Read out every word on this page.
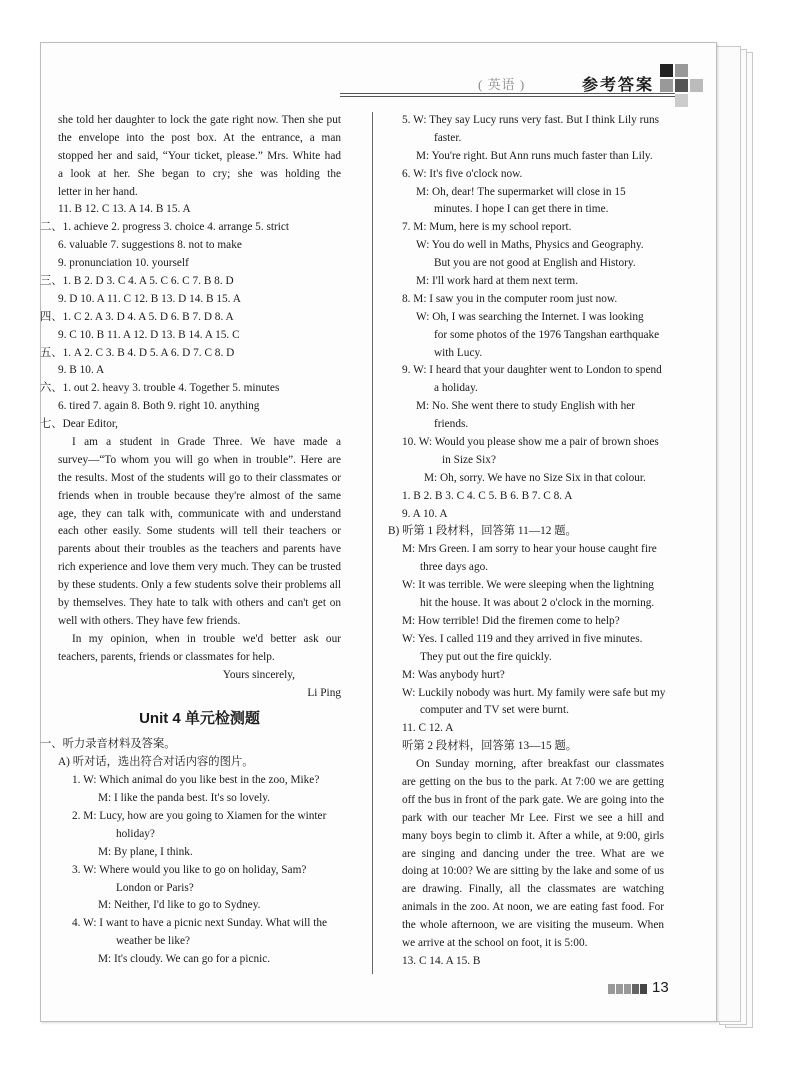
( 英语 )	参考答案
she told her daughter to lock the gate right now. Then she put
the envelope into the post box. At the entrance, a man
stopped her and said, “Your ticket, please.” Mrs. White had
a look at her. She began to cry; she was holding the
letter in her hand.
11. B 12. C 13. A 14. B 15. A
二、1. achieve 2. progress 3. choice 4. arrange 5. strict
6. valuable 7. suggestions 8. not to make
9. pronunciation 10. yourself
三、1. B 2. D 3. C 4. A 5. C 6. C 7. B 8. D
9. D 10. A 11. C 12. B 13. D 14. B 15. A
四、1. C 2. A 3. D 4. A 5. D 6. B 7. D 8. A
9. C 10. B 11. A 12. D 13. B 14. A 15. C
五、1. A 2. C 3. B 4. D 5. A 6. D 7. C 8. D
9. B 10. A
六、1. out 2. heavy 3. trouble 4. Together 5. minutes
6. tired 7. again 8. Both 9. right 10. anything
七、Dear Editor,
I am a student in Grade Three. We have made a
survey—“To whom you will go when in trouble”. Here are
the results. Most of the students will go to their classmates or
friends when in trouble because they're almost of the same
age, they can talk with, communicate with and understand
each other easily. Some students will tell their teachers or
parents about their troubles as the teachers and parents have
rich experience and love them very much. They can be trusted
by these students. Only a few students solve their problems all
by themselves. They hate to talk with others and can't get on
well with others. They have few friends.
In my opinion, when in trouble we'd better ask our
teachers, parents, friends or classmates for help.
Yours sincerely,
Li Ping
Unit 4 单元检测题
一、听力录音材料及答案。
A) 听对话，选出符合对话内容的图片。
1. W: Which animal do you like best in the zoo, Mike?
M: I like the panda best. It's so lovely.
2. M: Lucy, how are you going to Xiamen for the winter
holiday?
M: By plane, I think.
3. W: Where would you like to go on holiday, Sam?
London or Paris?
M: Neither, I'd like to go to Sydney.
4. W: I want to have a picnic next Sunday. What will the
weather be like?
M: It's cloudy. We can go for a picnic.
5. W: They say Lucy runs very fast. But I think Lily runs
faster.
M: You're right. But Ann runs much faster than Lily.
6. W: It's five o'clock now.
M: Oh, dear! The supermarket will close in 15
minutes. I hope I can get there in time.
7. M: Mum, here is my school report.
W: You do well in Maths, Physics and Geography.
But you are not good at English and History.
M: I'll work hard at them next term.
8. M: I saw you in the computer room just now.
W: Oh, I was searching the Internet. I was looking
for some photos of the 1976 Tangshan earthquake
with Lucy.
9. W: I heard that your daughter went to London to spend
a holiday.
M: No. She went there to study English with her
friends.
10. W: Would you please show me a pair of brown shoes
in Size Six?
M: Oh, sorry. We have no Size Six in that colour.
1. B 2. B 3. C 4. C 5. B 6. B 7. C 8. A
9. A 10. A
B) 听第 1 段材料，回答第 11—12 题。
M: Mrs Green. I am sorry to hear your house caught fire
three days ago.
W: It was terrible. We were sleeping when the lightning
hit the house. It was about 2 o'clock in the morning.
M: How terrible! Did the firemen come to help?
W: Yes. I called 119 and they arrived in five minutes.
They put out the fire quickly.
M: Was anybody hurt?
W: Luckily nobody was hurt. My family were safe but my
computer and TV set were burnt.
11. C 12. A
听第 2 段材料，回答第 13—15 题。
On Sunday morning, after breakfast our classmates
are getting on the bus to the park. At 7:00 we are getting
off the bus in front of the park gate. We are going into the
park with our teacher Mr Lee. First we see a hill and
many boys begin to climb it. After a while, at 9:00, girls
are singing and dancing under the tree. What are we
doing at 10:00? We are sitting by the lake and some of us
are drawing. Finally, all the classmates are watching
animals in the zoo. At noon, we are eating fast food. For
the whole afternoon, we are visiting the museum. When
we arrive at the school on foot, it is 5:00.
13. C 14. A 15. B
13
